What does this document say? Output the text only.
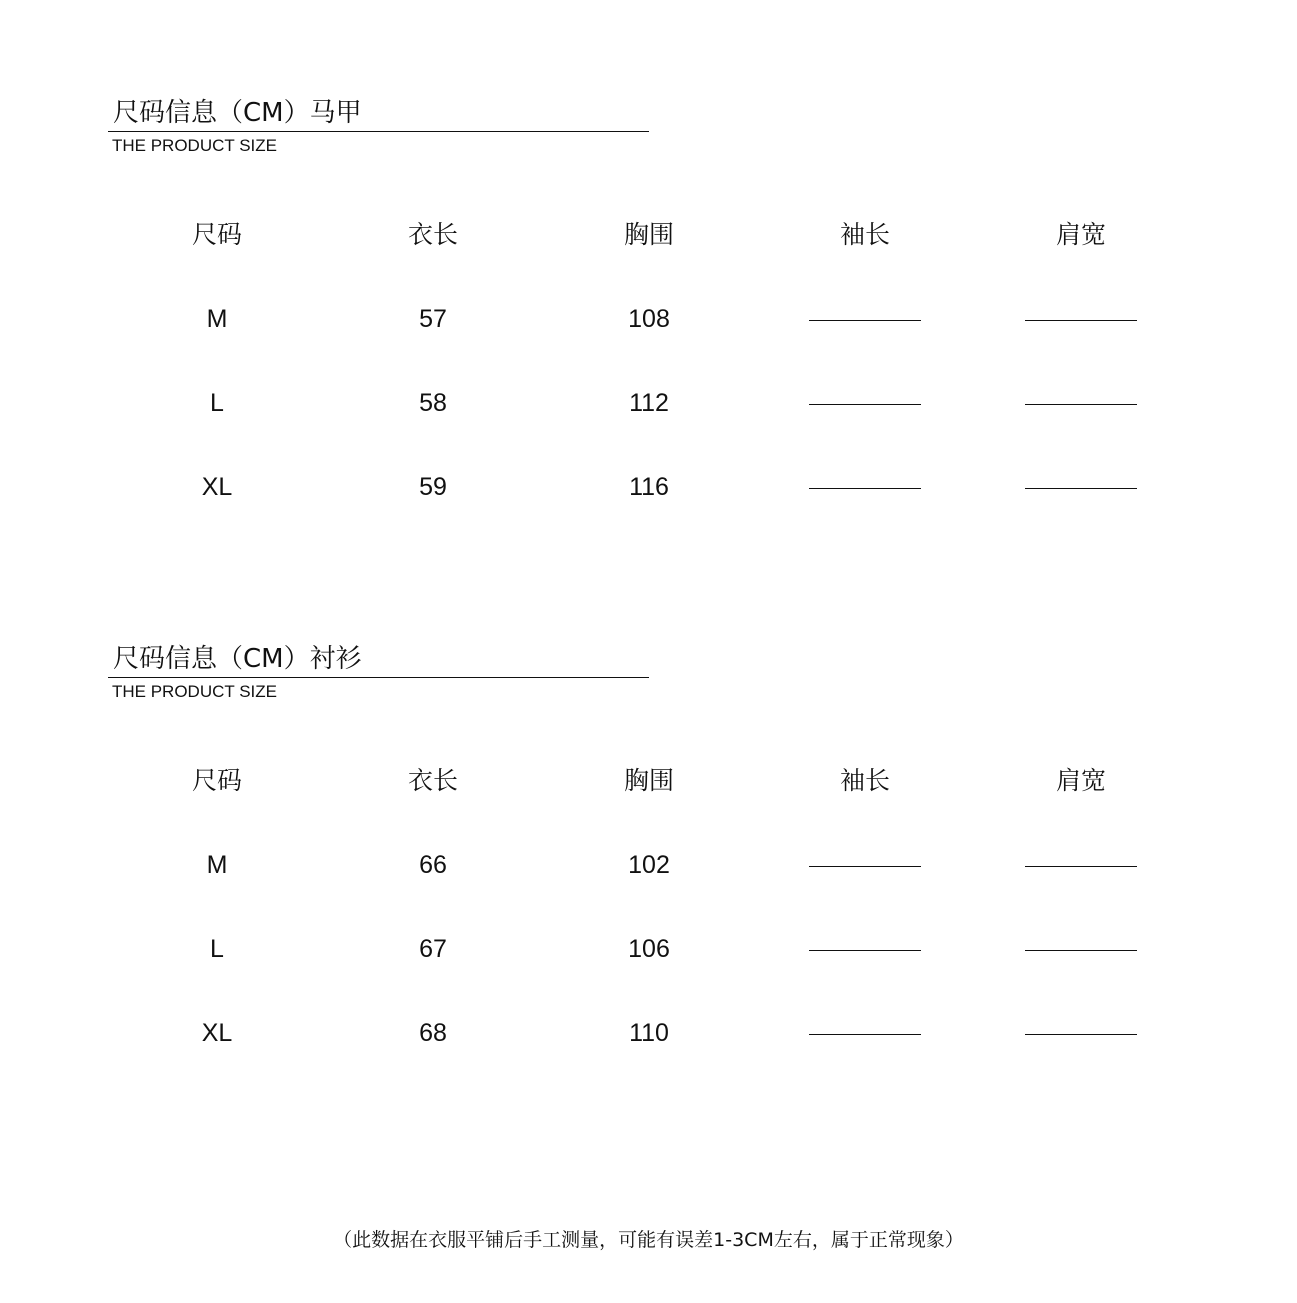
（此数据在衣服平铺后手工测量，可能有误差1-3CM左右，属于正常现象）
尺码信息（CM）马甲
THE PRODUCT SIZE
尺码	衣长	胸围	袖长	肩宽
M	57	108
L	58	112
XL	59	116
尺码信息（CM）衬衫
THE PRODUCT SIZE
尺码	衣长	胸围	袖长	肩宽
M	66	102
L	67	106
XL	68	110
